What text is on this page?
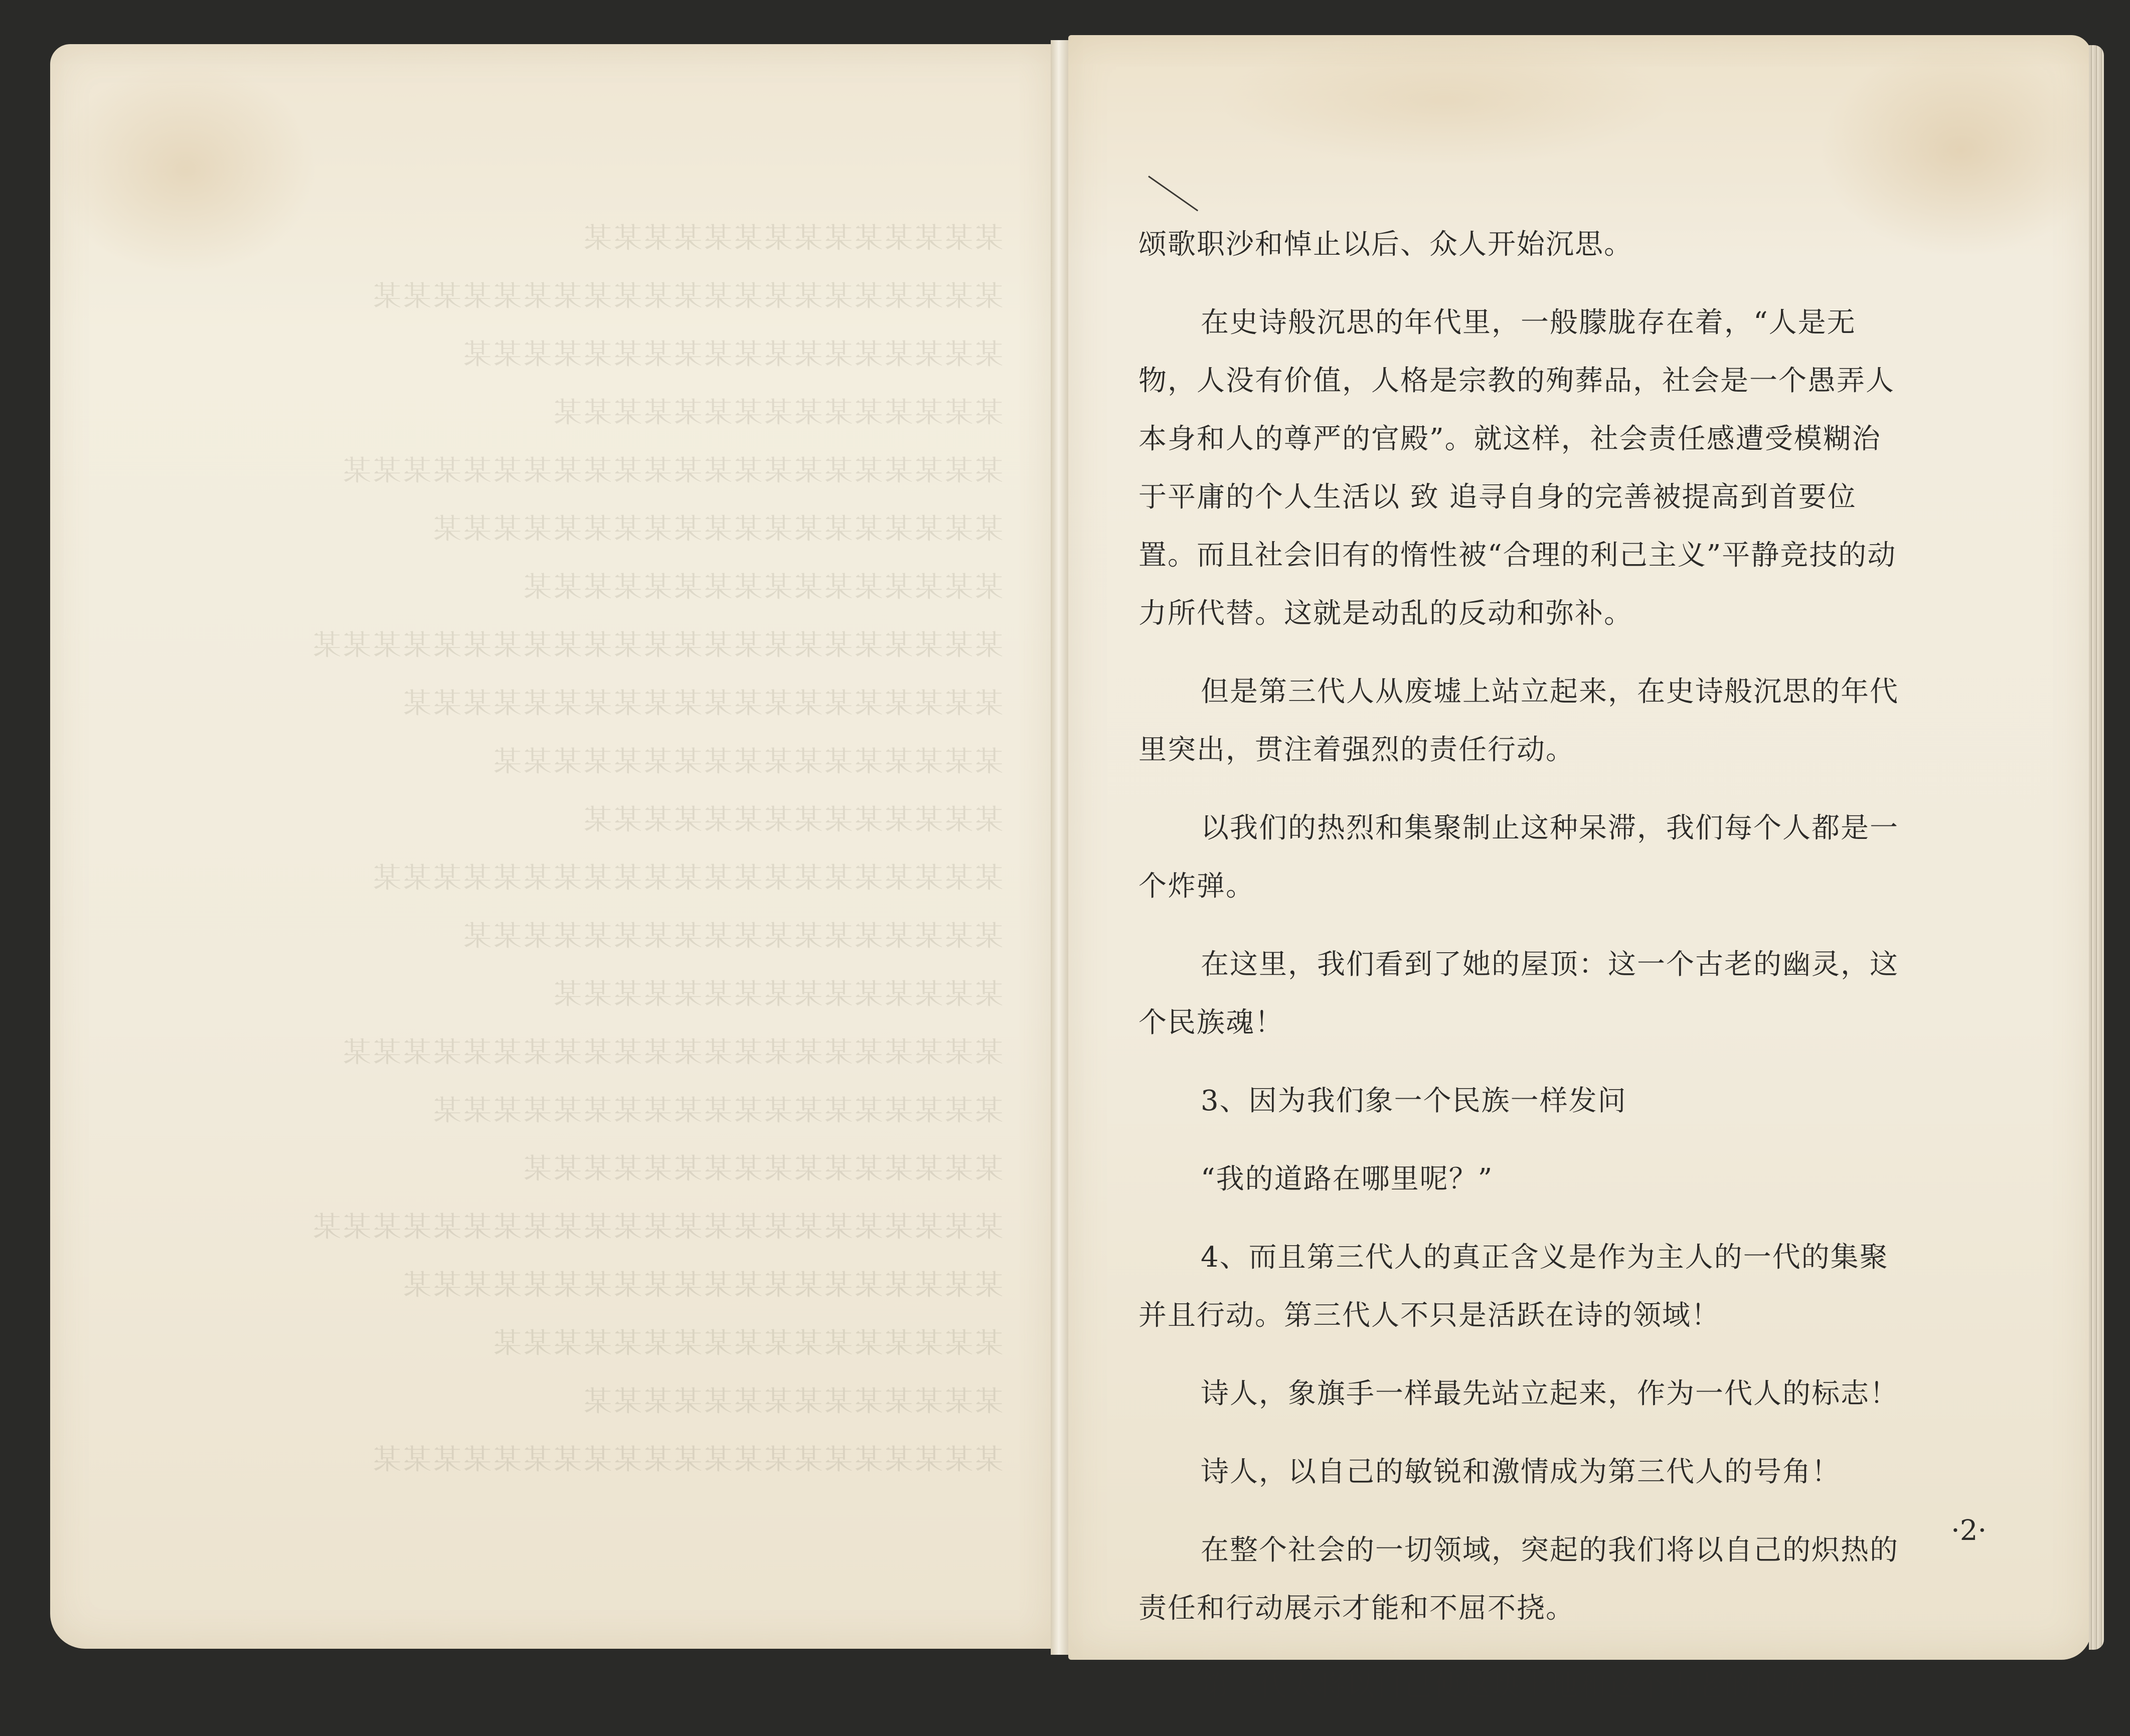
某某某某某某某某某某某某某某
某某某某某某某某某某某某某某某某某某某某某
某某某某某某某某某某某某某某某某某某
某某某某某某某某某某某某某某某
某某某某某某某某某某某某某某某某某某某某某某
某某某某某某某某某某某某某某某某某某某
某某某某某某某某某某某某某某某某
某某某某某某某某某某某某某某某某某某某某某某某
某某某某某某某某某某某某某某某某某某某某
某某某某某某某某某某某某某某某某某
某某某某某某某某某某某某某某
某某某某某某某某某某某某某某某某某某某某某
某某某某某某某某某某某某某某某某某某
某某某某某某某某某某某某某某某
某某某某某某某某某某某某某某某某某某某某某某
某某某某某某某某某某某某某某某某某某某
某某某某某某某某某某某某某某某某
某某某某某某某某某某某某某某某某某某某某某某某
某某某某某某某某某某某某某某某某某某某某
某某某某某某某某某某某某某某某某某
某某某某某某某某某某某某某某
某某某某某某某某某某某某某某某某某某某某某

颂歌职沙和悼止以后、众人开始沉思。

在史诗般沉思的年代里，一般朦胧存在着，“人是无物，人没有价值，人格是宗教的殉葬品，社会是一个愚弄人本身和人的尊严的官殿”。就这样，社会责任感遭受模糊治于平庸的个人生活以 致 追寻自身的完善被提高到首要位置。而且社会旧有的惰性被“合理的利己主义”平静竞技的动力所代替。这就是动乱的反动和弥补。

但是第三代人从废墟上站立起来，在史诗般沉思的年代里突出，贯注着强烈的责任行动。

以我们的热烈和集聚制止这种呆滞，我们每个人都是一个炸弹。

在这里，我们看到了她的屋顶：这一个古老的幽灵，这个民族魂！

3、因为我们象一个民族一样发问

“我的道路在哪里呢？”

4、而且第三代人的真正含义是作为主人的一代的集聚并且行动。第三代人不只是活跃在诗的领域！

诗人，象旗手一样最先站立起来，作为一代人的标志！

诗人，以自己的敏锐和激情成为第三代人的号角！

在整个社会的一切领域，突起的我们将以自己的炽热的责任和行动展示才能和不屈不挠。

第三代人将以自己使这块土地和这个古老的民族自豪！

·2·
